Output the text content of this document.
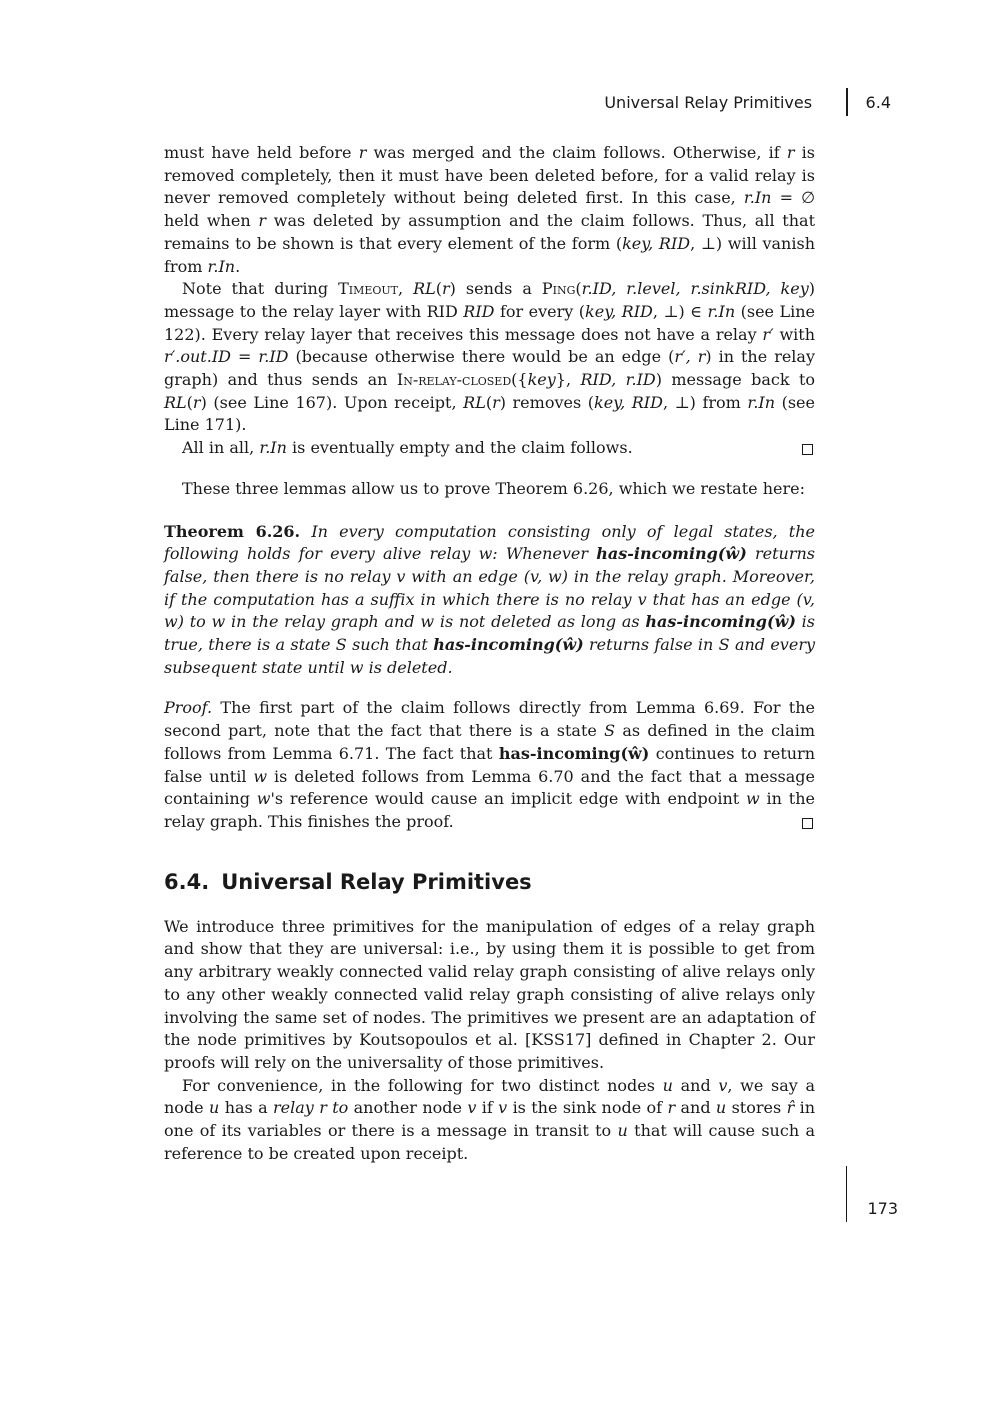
Universal Relay Primitives	6.4

must have held before r was merged and the claim follows. Otherwise, if r is removed completely, then it must have been deleted before, for a valid relay is never removed completely without being deleted first. In this case, r.In = ∅ held when r was deleted by assumption and the claim follows. Thus, all that remains to be shown is that every element of the form (key, RID, ⊥) will vanish from r.In.

Note that during Timeout, RL(r) sends a Ping(r.ID, r.level, r.sinkRID, key) message to the relay layer with RID RID for every (key, RID, ⊥) ∈ r.In (see Line 122). Every relay layer that receives this message does not have a relay r′ with r′.out.ID = r.ID (because otherwise there would be an edge (r′, r) in the relay graph) and thus sends an In-relay-closed({key}, RID, r.ID) message back to RL(r) (see Line 167). Upon receipt, RL(r) removes (key, RID, ⊥) from r.In (see Line 171).

All in all, r.In is eventually empty and the claim follows.

These three lemmas allow us to prove Theorem 6.26, which we restate here:

Theorem 6.26. In every computation consisting only of legal states, the following holds for every alive relay w: Whenever has-incoming(ŵ) returns false, then there is no relay v with an edge (v, w) in the relay graph. Moreover, if the computation has a suffix in which there is no relay v that has an edge (v, w) to w in the relay graph and w is not deleted as long as has-incoming(ŵ) is true, there is a state S such that has-incoming(ŵ) returns false in S and every subsequent state until w is deleted.

Proof. The first part of the claim follows directly from Lemma 6.69. For the second part, note that the fact that there is a state S as defined in the claim follows from Lemma 6.71. The fact that has-incoming(ŵ) continues to return false until w is deleted follows from Lemma 6.70 and the fact that a message containing w's reference would cause an implicit edge with endpoint w in the relay graph. This finishes the proof.

6.4. Universal Relay Primitives

We introduce three primitives for the manipulation of edges of a relay graph and show that they are universal: i.e., by using them it is possible to get from any arbitrary weakly connected valid relay graph consisting of alive relays only to any other weakly connected valid relay graph consisting of alive relays only involving the same set of nodes. The primitives we present are an adaptation of the node primitives by Koutsopoulos et al. [KSS17] defined in Chapter 2. Our proofs will rely on the universality of those primitives.

For convenience, in the following for two distinct nodes u and v, we say a node u has a relay r to another node v if v is the sink node of r and u stores r̂ in one of its variables or there is a message in transit to u that will cause such a reference to be created upon receipt.

173
